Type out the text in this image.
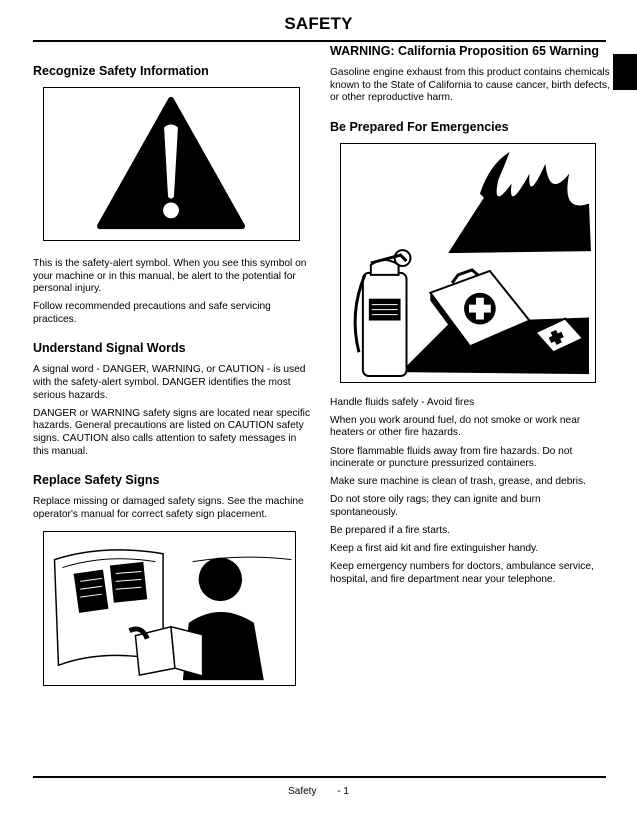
SAFETY
Recognize Safety Information

This is the safety-alert symbol. When you see this symbol on your machine or in this manual, be alert to the potential for personal injury.

Follow recommended precautions and safe servicing practices.

Understand Signal Words

A signal word - DANGER, WARNING, or CAUTION - is used with the safety-alert symbol. DANGER identifies the most serious hazards.

DANGER or WARNING safety signs are located near specific hazards. General precautions are listed on CAUTION safety signs. CAUTION also calls attention to safety messages in this manual.

Replace Safety Signs

Replace missing or damaged safety signs. See the machine operator's manual for correct safety sign placement.

WARNING: California Proposition 65 Warning

Gasoline engine exhaust from this product contains chemicals known to the State of California to cause cancer, birth defects, or other reproductive harm.

Be Prepared For Emergencies

Handle fluids safely - Avoid fires

When you work around fuel, do not smoke or work near heaters or other fire hazards.

Store flammable fluids away from fire hazards. Do not incinerate or puncture pressurized containers.

Make sure machine is clean of trash, grease, and debris.

Do not store oily rags; they can ignite and burn spontaneously.

Be prepared if a fire starts.

Keep a first aid kit and fire extinguisher handy.

Keep emergency numbers for doctors, ambulance service, hospital, and fire department near your telephone.

Safety - 1
